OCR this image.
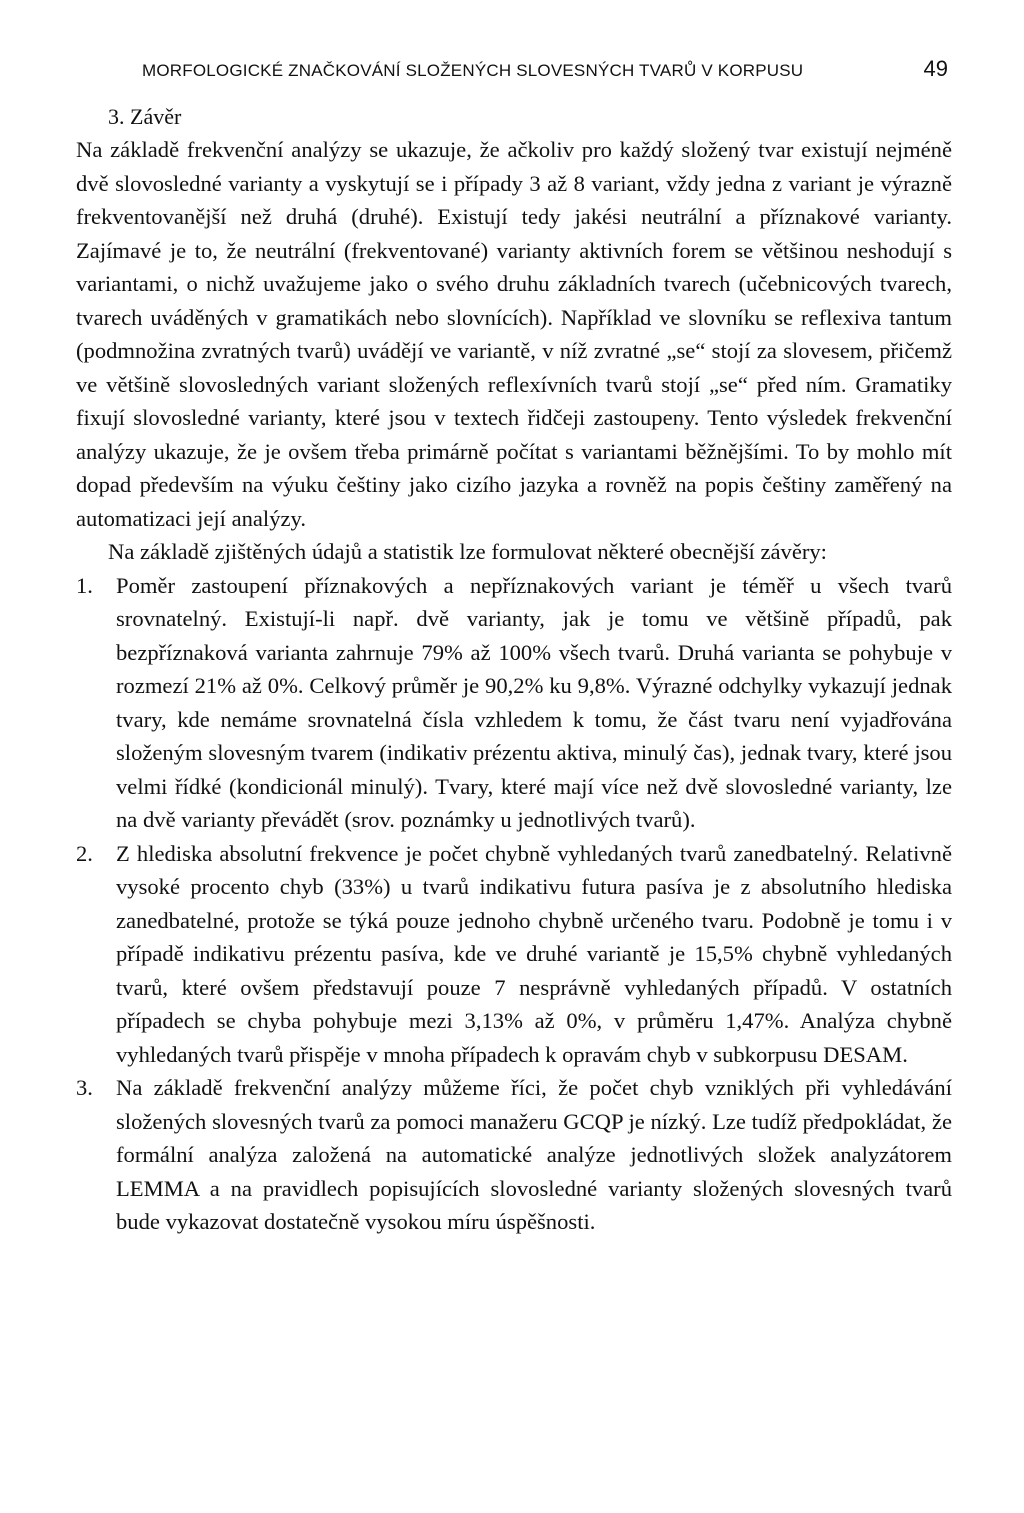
MORFOLOGICKÉ ZNAČKOVÁNÍ SLOŽENÝCH SLOVESNÝCH TVARŮ V KORPUSU	49
3. Závěr

Na základě frekvenční analýzy se ukazuje, že ačkoliv pro každý složený tvar existují nejméně dvě slovosledné varianty a vyskytují se i případy 3 až 8 variant, vždy jedna z variant je výrazně frekventovanější než druhá (druhé). Existují tedy jakési neutrální a příznakové varianty. Zajímavé je to, že neutrální (frekventované) varianty aktivních forem se většinou neshodují s variantami, o nichž uvažujeme jako o svého druhu základních tvarech (učebnicových tvarech, tvarech uváděných v gramatikách nebo slovnících). Například ve slovníku se reflexiva tantum (podmnožina zvratných tvarů) uvádějí ve variantě, v níž zvratné „se“ stojí za slovesem, přičemž ve většině slovosledných variant složených reflexívních tvarů stojí „se“ před ním. Gramatiky fixují slovosledné varianty, které jsou v textech řidčeji zastoupeny. Tento výsledek frekvenční analýzy ukazuje, že je ovšem třeba primárně počítat s variantami běžnějšími. To by mohlo mít dopad především na výuku češtiny jako cizího jazyka a rovněž na popis češtiny zaměřený na automatizaci její analýzy.

Na základě zjištěných údajů a statistik lze formulovat některé obecnější závěry:

1.	Poměr zastoupení příznakových a nepříznakových variant je téměř u všech tvarů srovnatelný. Existují-li např. dvě varianty, jak je tomu ve většině případů, pak bezpříznaková varianta zahrnuje 79% až 100% všech tvarů. Druhá varianta se pohybuje v rozmezí 21% až 0%. Celkový průměr je 90,2% ku 9,8%. Výrazné odchylky vykazují jednak tvary, kde nemáme srovnatelná čísla vzhledem k tomu, že část tvaru není vyjadřována složeným slovesným tvarem (indikativ prézentu aktiva, minulý čas), jednak tvary, které jsou velmi řídké (kondicionál minulý). Tvary, které mají více než dvě slovosledné varianty, lze na dvě varianty převádět (srov. poznámky u jednotlivých tvarů).
2.	Z hlediska absolutní frekvence je počet chybně vyhledaných tvarů zanedbatelný. Relativně vysoké procento chyb (33%) u tvarů indikativu futura pasíva je z absolutního hlediska zanedbatelné, protože se týká pouze jednoho chybně určeného tvaru. Podobně je tomu i v případě indikativu prézentu pasíva, kde ve druhé variantě je 15,5% chybně vyhledaných tvarů, které ovšem představují pouze 7 nesprávně vyhledaných případů. V ostatních případech se chyba pohybuje mezi 3,13% až 0%, v průměru 1,47%. Analýza chybně vyhledaných tvarů přispěje v mnoha případech k opravám chyb v subkorpusu DESAM.
3.	Na základě frekvenční analýzy můžeme říci, že počet chyb vzniklých při vyhledávání složených slovesných tvarů za pomoci manažeru GCQP je nízký. Lze tudíž předpokládat, že formální analýza založená na automatické analýze jednotlivých složek analyzátorem LEMMA a na pravidlech popisujících slovosledné varianty složených slovesných tvarů bude vykazovat dostatečně vysokou míru úspěšnosti.
